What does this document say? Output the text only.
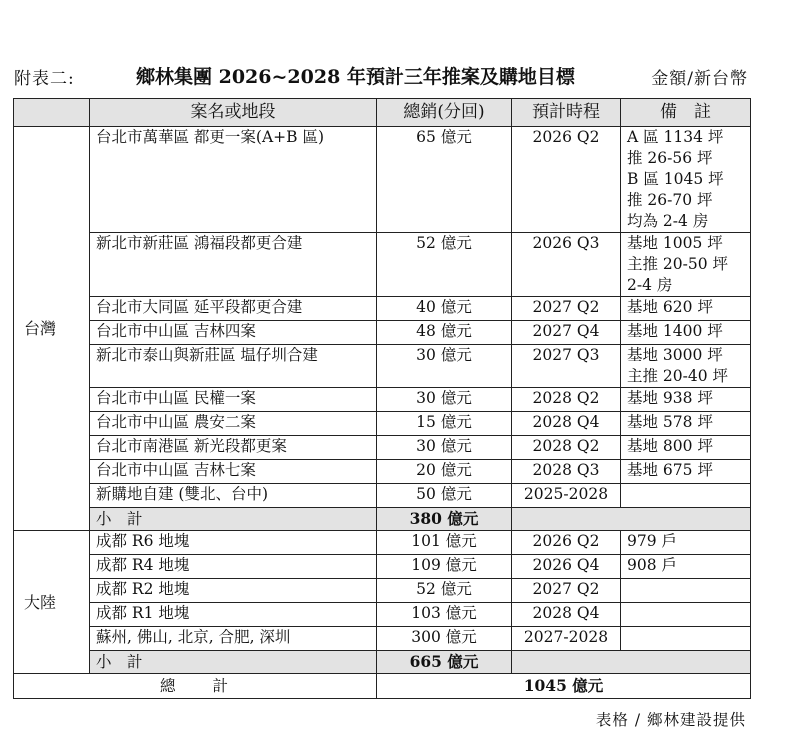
附表二:	鄉林集團 2026~2028 年預計三年推案及購地目標	金額/新台幣
	案名或地段	總銷(分回)	預計時程	備　註
台灣	台北市萬華區 都更一案(A+B 區)	65 億元	2026 Q2	A 區 1134 坪
推 26-56 坪
B 區 1045 坪
推 26-70 坪
均為 2-4 房

	新北市新莊區 鴻福段都更合建	52 億元	2026 Q3	基地 1005 坪
主推 20-50 坪
2-4 房

	台北市大同區 延平段都更合建	40 億元	2027 Q2	基地 620 坪

	台北市中山區 吉林四案	48 億元	2027 Q4	基地 1400 坪

	新北市泰山與新莊區 塭仔圳合建	30 億元	2027 Q3	基地 3000 坪
主推 20-40 坪

	台北市中山區 民權一案	30 億元	2028 Q2	基地 938 坪

	台北市中山區 農安二案	15 億元	2028 Q4	基地 578 坪

	台北市南港區 新光段都更案	30 億元	2028 Q2	基地 800 坪

	台北市中山區 吉林七案	20 億元	2028 Q3	基地 675 坪

	新購地自建 (雙北、台中)	50 億元	2025-2028	
	小　計	380 億元		
大陸	成都 R6 地塊	101 億元	2026 Q2	979 戶

	成都 R4 地塊	109 億元	2026 Q4	908 戶

	成都 R2 地塊	52 億元	2027 Q2	
	成都 R1 地塊	103 億元	2028 Q4	
	蘇州, 佛山, 北京, 合肥, 深圳	300 億元	2027-2028	
	小　計	665 億元		
總　　計		1045 億元		
表格 / 鄉林建設提供
